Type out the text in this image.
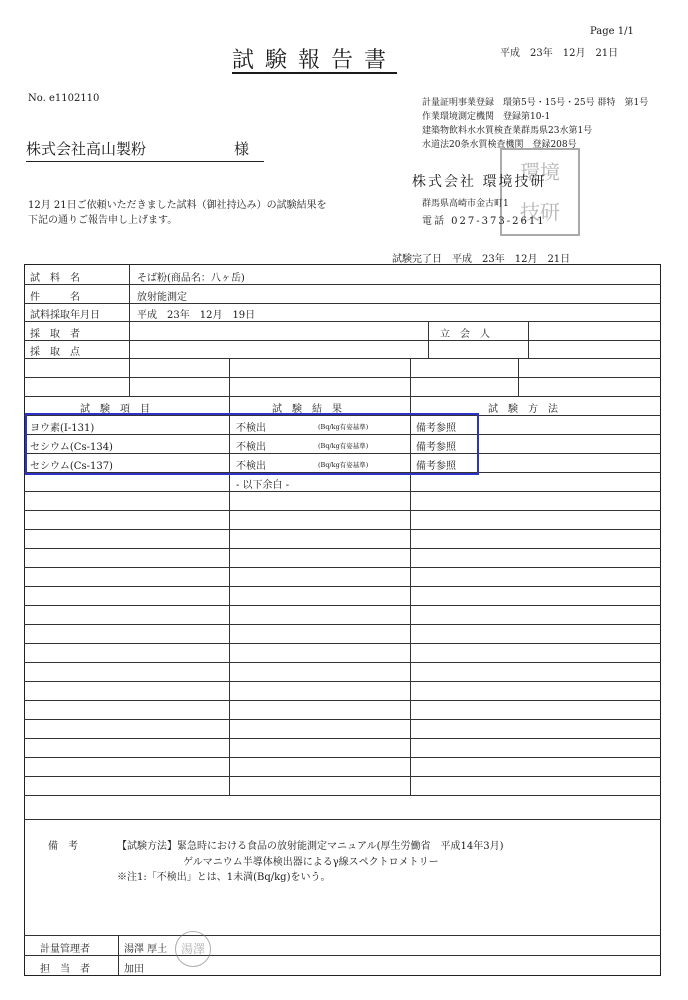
Page 1/1
平成　23年　12月　21日
試験報告書
No. e1102110	計量証明事業登録　環第5号・15号・25号 群特　第1号
作業環境測定機関　登録第10-1
建築物飲料水水質検査業群馬県23水第1号
水道法20条水質検査機関　登録208号
株式会社高山製粉	様
環境技研
株式会社 環境技研
群馬県高崎市金古町1
電話 027-373-2611
12月 21日ご依頼いただきました試料（御社持込み）の試験結果を下記の通りご報告申し上げます。
試験完了日　平成　23年　12月　21日
試　料　名	そば粉(商品名：八ヶ岳)
件　　　名	放射能測定
試料採取年月日	平成　23年　12月　19日
採　取　者
採　取　点
立　会　人
試　験　項　目	試　験　結　果	試　験　方　法
ヨウ素(I-131)	不検出	(Bq/kg有姿基準)	備考参照
セシウム(Cs-134)	不検出	(Bq/kg有姿基準)	備考参照
セシウム(Cs-137)	不検出	(Bq/kg有姿基準)	備考参照
- 以下余白 -
備　考	【試験方法】緊急時における食品の放射能測定マニュアル(厚生労働省　平成14年3月)
ゲルマニウム半導体検出器によるγ線スペクトロメトリー
※注1:「不検出」とは、1未満(Bq/kg)をいう。
計量管理者	湯澤 厚土	湯澤
担　当　者	加田
